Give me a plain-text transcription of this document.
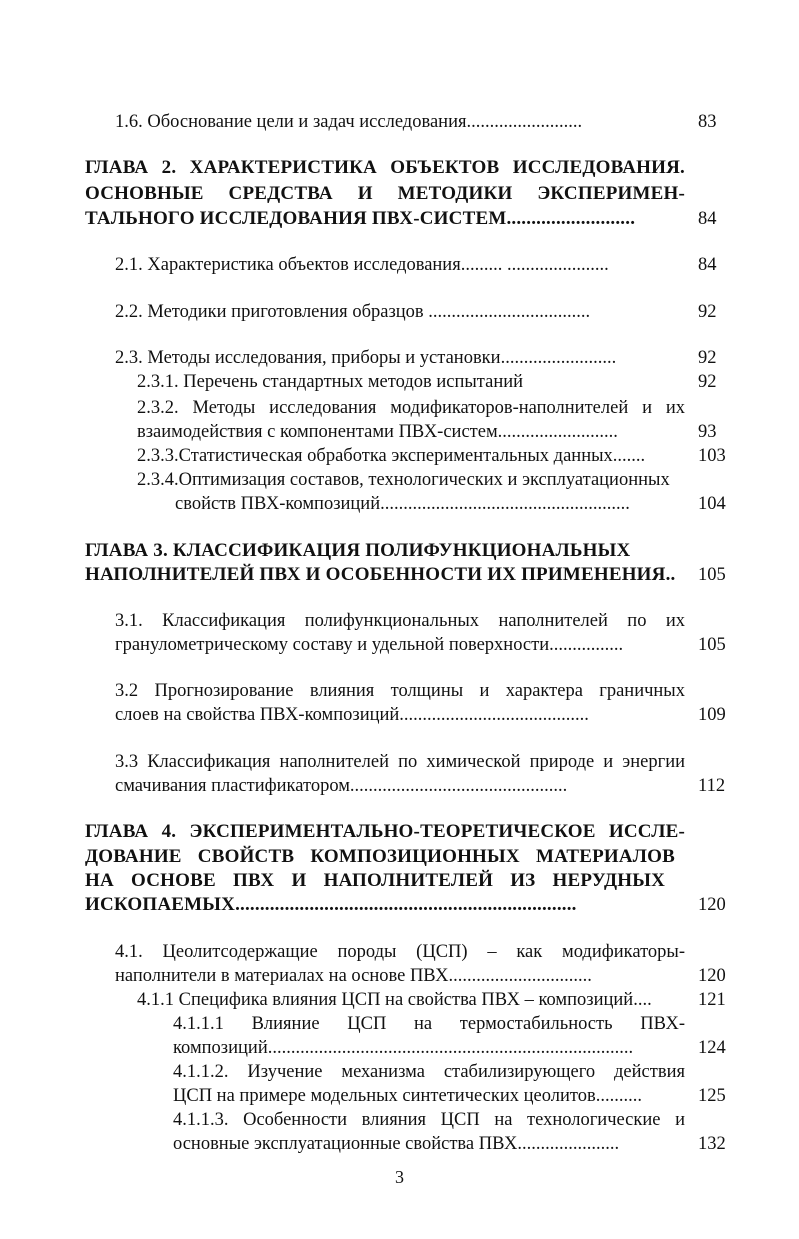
1.6. Обоснование цели и задач исследования.........................	83
ГЛАВА 2. ХАРАКТЕРИСТИКА ОБЪЕКТОВ ИССЛЕДОВАНИЯ.
ОСНОВНЫЕ СРЕДСТВА И МЕТОДИКИ ЭКСПЕРИМЕН-
ТАЛЬНОГО ИССЛЕДОВАНИЯ ПВХ-СИСТЕМ..........................	84
2.1. Характеристика объектов исследования......... ......................	84
2.2. Методики приготовления образцов ...................................	92
2.3. Методы исследования, приборы и установки.........................	92
2.3.1. Перечень стандартных методов испытаний	92
2.3.2. Методы исследования модификаторов-наполнителей и их
взаимодействия с компонентами ПВХ-систем..........................	93
2.3.3.Статистическая обработка экспериментальных данных.......	103
2.3.4.Оптимизация составов, технологических и эксплуатационных
свойств ПВХ-композиций......................................................	104
ГЛАВА 3. КЛАССИФИКАЦИЯ ПОЛИФУНКЦИОНАЛЬНЫХ
НАПОЛНИТЕЛЕЙ ПВХ И ОСОБЕННОСТИ ИХ ПРИМЕНЕНИЯ..	105
3.1. Классификация полифункциональных наполнителей по их
гранулометрическому составу и удельной поверхности................	105
3.2 Прогнозирование влияния толщины и характера граничных
слоев на свойства ПВХ-композиций.........................................	109
3.3 Классификация наполнителей по химической природе и энергии
смачивания пластификатором...............................................	112
ГЛАВА 4. ЭКСПЕРИМЕНТАЛЬНО-ТЕОРЕТИЧЕСКОЕ ИССЛЕ-
ДОВАНИЕ СВОЙСТВ КОМПОЗИЦИОННЫХ МАТЕРИАЛОВ
НА ОСНОВЕ ПВХ И НАПОЛНИТЕЛЕЙ ИЗ НЕРУДНЫХ
ИСКОПАЕМЫХ.....................................................................	120
4.1. Цеолитсодержащие породы (ЦСП) – как модификаторы-
наполнители в материалах на основе ПВХ...............................	120
4.1.1 Специфика влияния ЦСП на свойства ПВХ – композиций....	121
4.1.1.1 Влияние ЦСП на термостабильность ПВХ-
композиций...............................................................................	124
4.1.1.2. Изучение механизма стабилизирующего действия
ЦСП на примере модельных синтетических цеолитов..........	125
4.1.1.3. Особенности влияния ЦСП на технологические и
основные эксплуатационные свойства ПВХ......................	132
3
